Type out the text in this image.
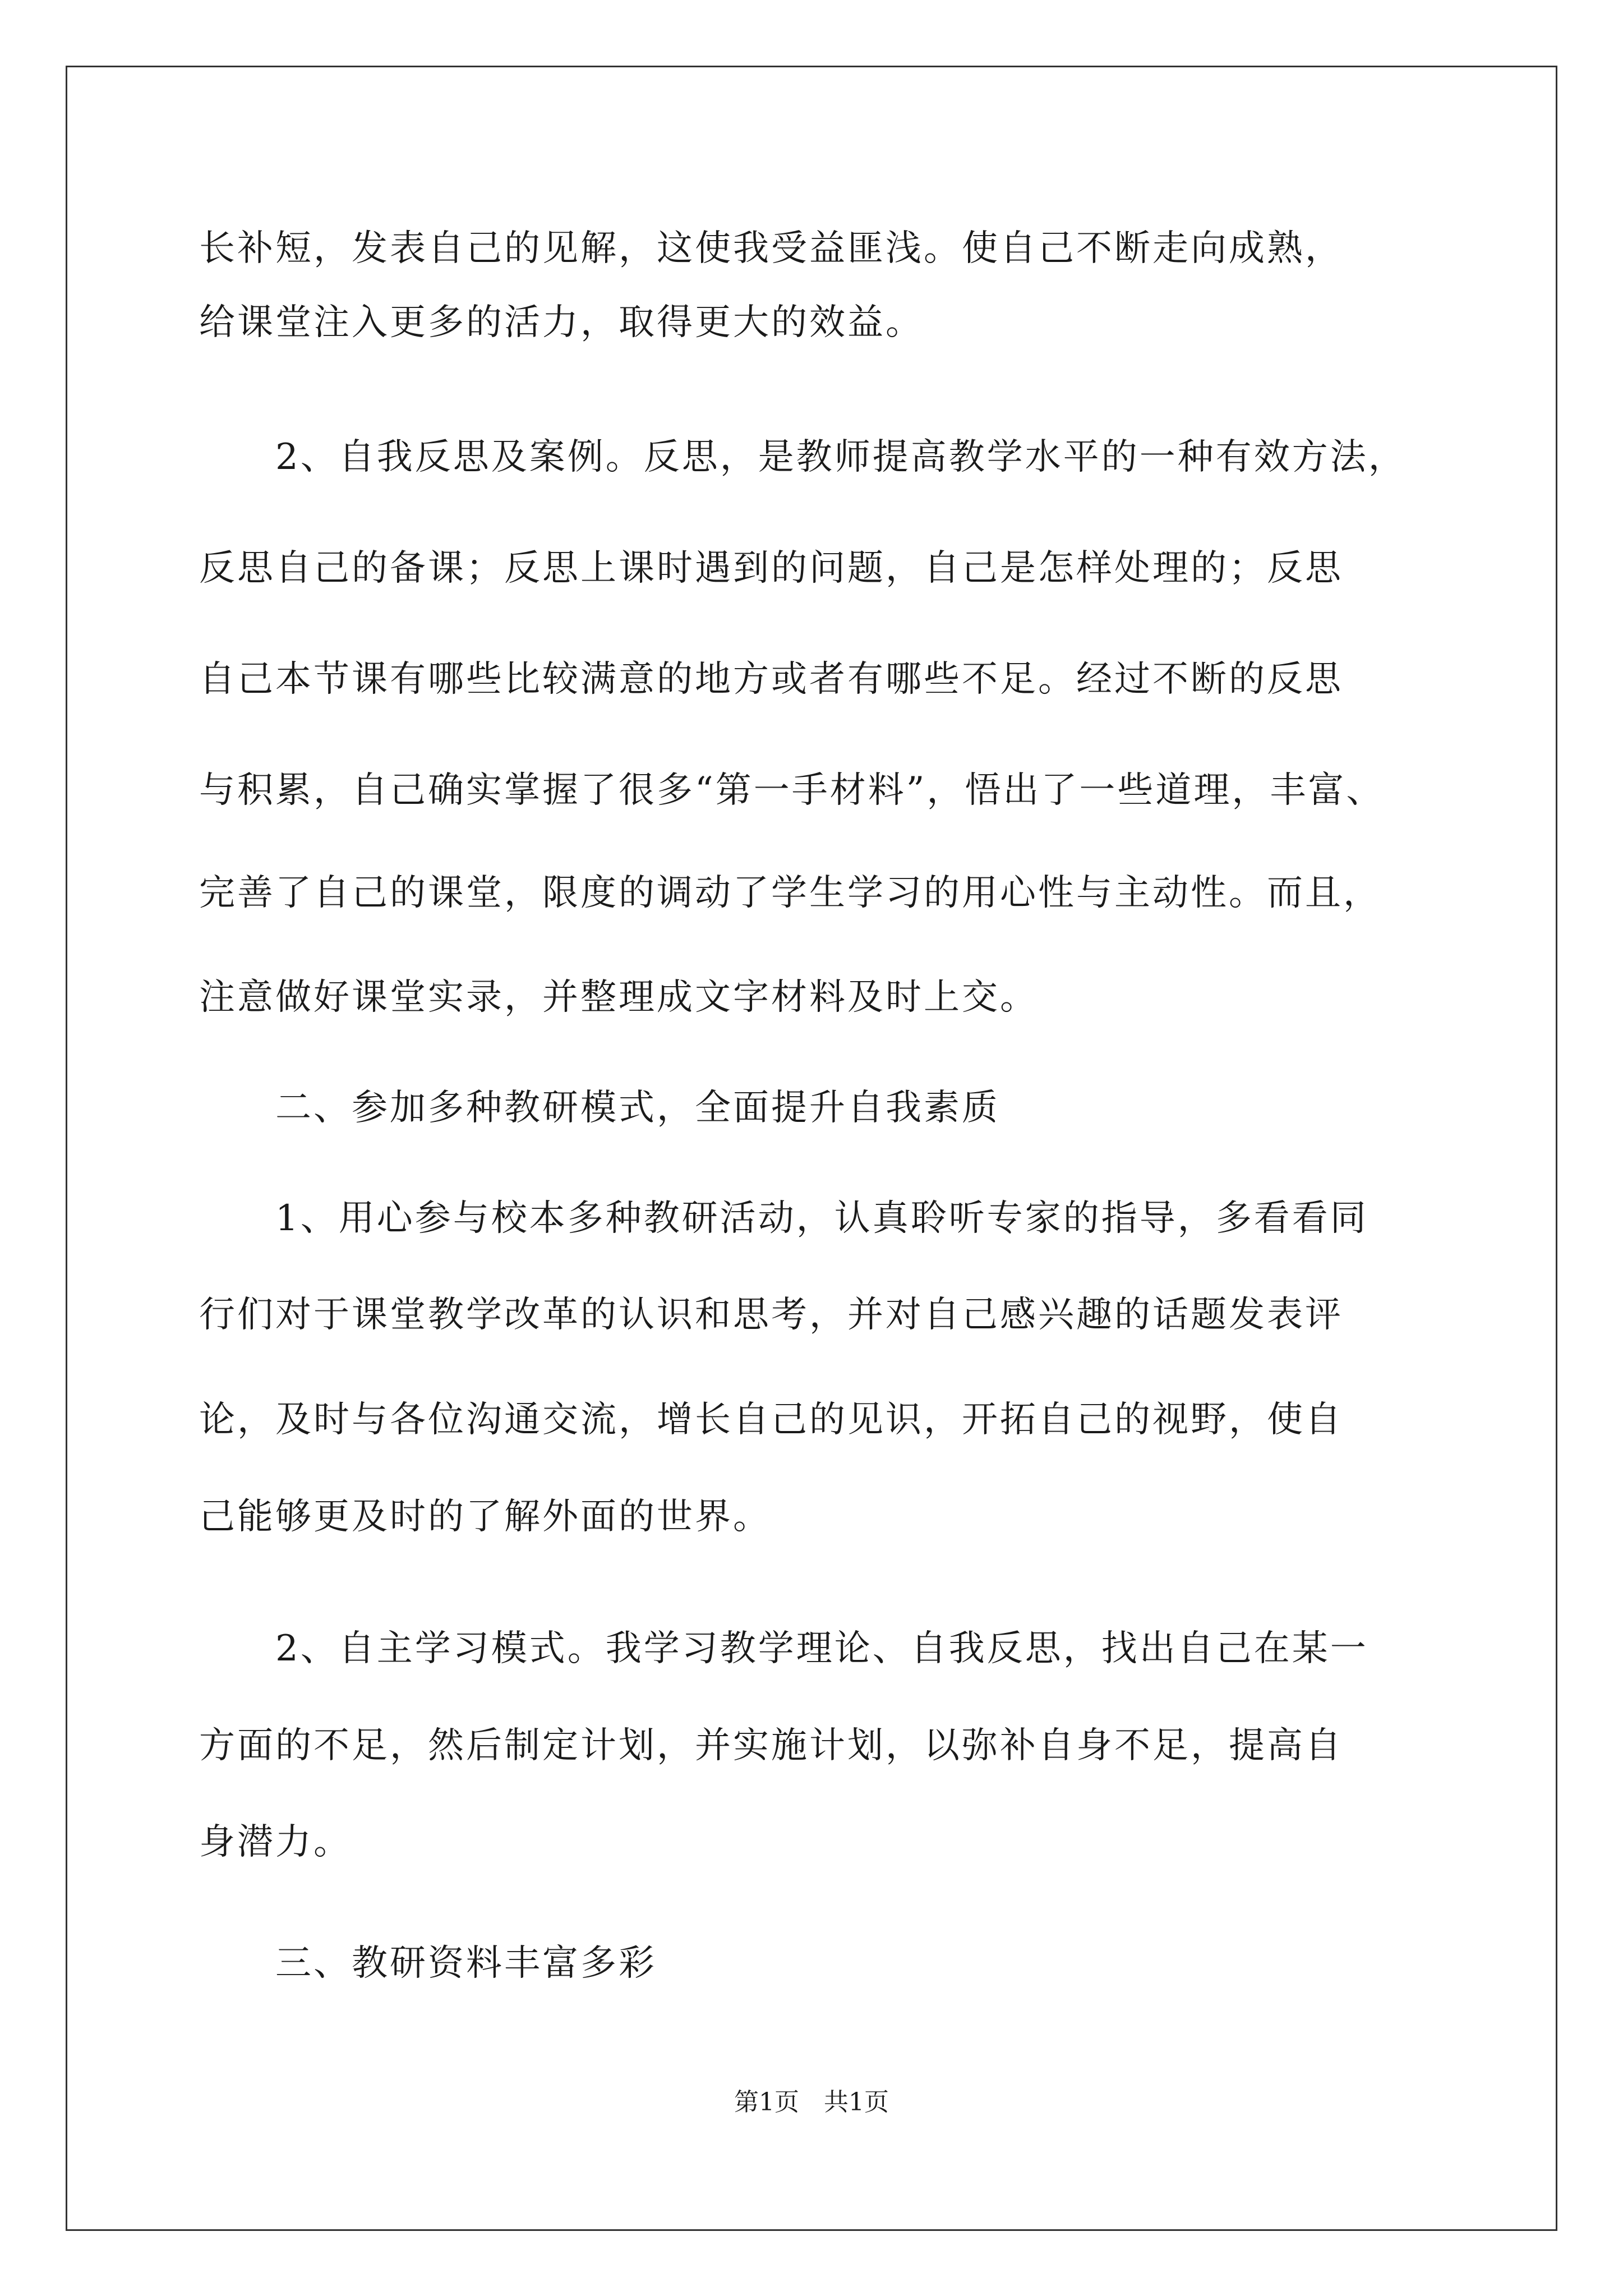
长补短，发表自己的见解，这使我受益匪浅。使自己不断走向成熟，
给课堂注入更多的活力，取得更大的效益。
　　2、自我反思及案例。反思，是教师提高教学水平的一种有效方法，
反思自己的备课；反思上课时遇到的问题，自己是怎样处理的；反思
自己本节课有哪些比较满意的地方或者有哪些不足。经过不断的反思
与积累，自己确实掌握了很多“第一手材料”，悟出了一些道理，丰富、
完善了自己的课堂，限度的调动了学生学习的用心性与主动性。而且，
注意做好课堂实录，并整理成文字材料及时上交。
　　二、参加多种教研模式，全面提升自我素质
　　1、用心参与校本多种教研活动，认真聆听专家的指导，多看看同
行们对于课堂教学改革的认识和思考，并对自己感兴趣的话题发表评
论，及时与各位沟通交流，增长自己的见识，开拓自己的视野，使自
己能够更及时的了解外面的世界。
　　2、自主学习模式。我学习教学理论、自我反思，找出自己在某一
方面的不足，然后制定计划，并实施计划，以弥补自身不足，提高自
身潜力。
　　三、教研资料丰富多彩
第1页　共1页
